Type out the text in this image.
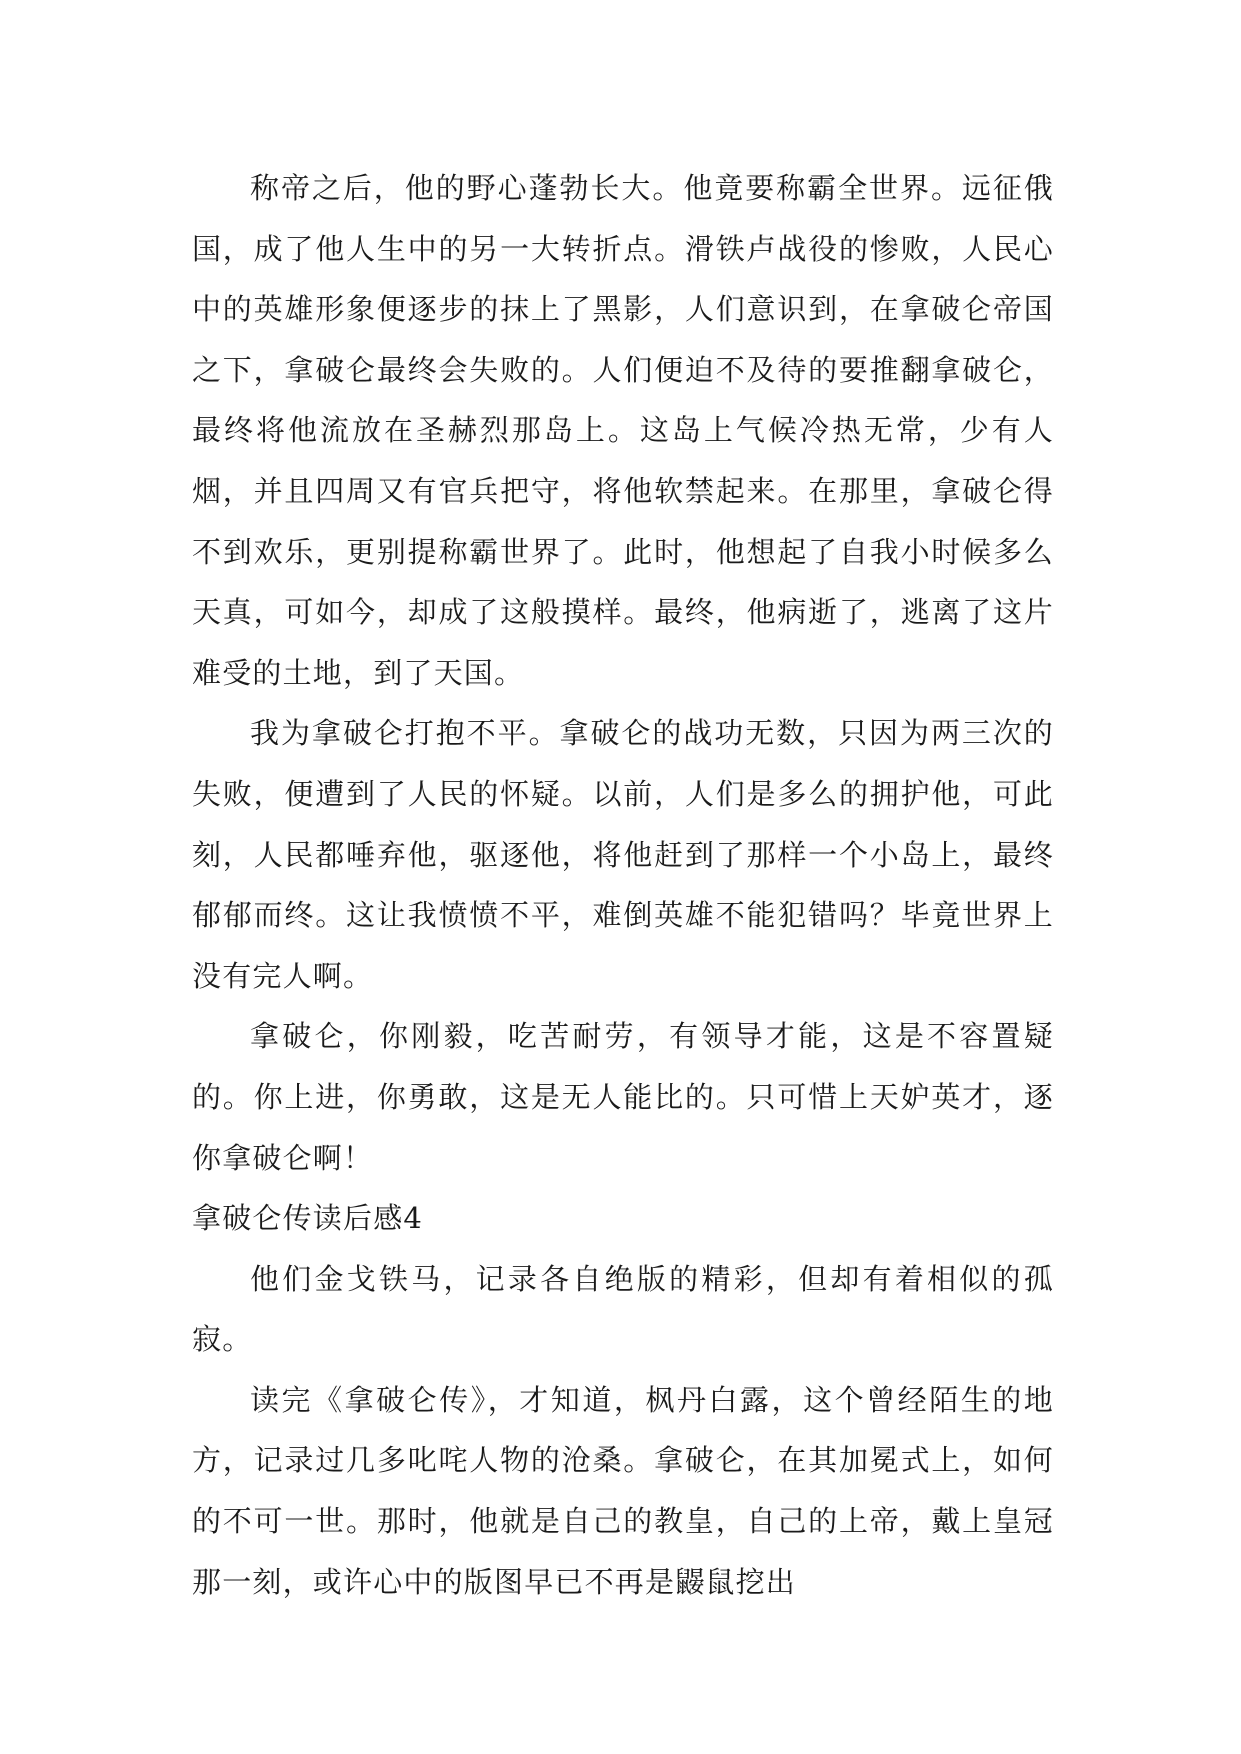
称帝之后，他的野心蓬勃长大。他竟要称霸全世界。远征俄国，成了他人生中的另一大转折点。滑铁卢战役的惨败，人民心中的英雄形象便逐步的抹上了黑影，人们意识到，在拿破仑帝国之下，拿破仑最终会失败的。人们便迫不及待的要推翻拿破仑，最终将他流放在圣赫烈那岛上。这岛上气候冷热无常，少有人烟，并且四周又有官兵把守，将他软禁起来。在那里，拿破仑得不到欢乐，更别提称霸世界了。此时，他想起了自我小时候多么天真，可如今，却成了这般摸样。最终，他病逝了，逃离了这片难受的土地，到了天国。

我为拿破仑打抱不平。拿破仑的战功无数，只因为两三次的失败，便遭到了人民的怀疑。以前，人们是多么的拥护他，可此刻，人民都唾弃他，驱逐他，将他赶到了那样一个小岛上，最终郁郁而终。这让我愤愤不平，难倒英雄不能犯错吗？毕竟世界上没有完人啊。

拿破仑，你刚毅，吃苦耐劳，有领导才能，这是不容置疑的。你上进，你勇敢，这是无人能比的。只可惜上天妒英才，逐你拿破仑啊！

拿破仑传读后感4

他们金戈铁马，记录各自绝版的精彩，但却有着相似的孤寂。

读完《拿破仑传》，才知道，枫丹白露，这个曾经陌生的地方，记录过几多叱咤人物的沧桑。拿破仑，在其加冕式上，如何的不可一世。那时，他就是自己的教皇，自己的上帝，戴上皇冠那一刻，或许心中的版图早已不再是鼹鼠挖出
